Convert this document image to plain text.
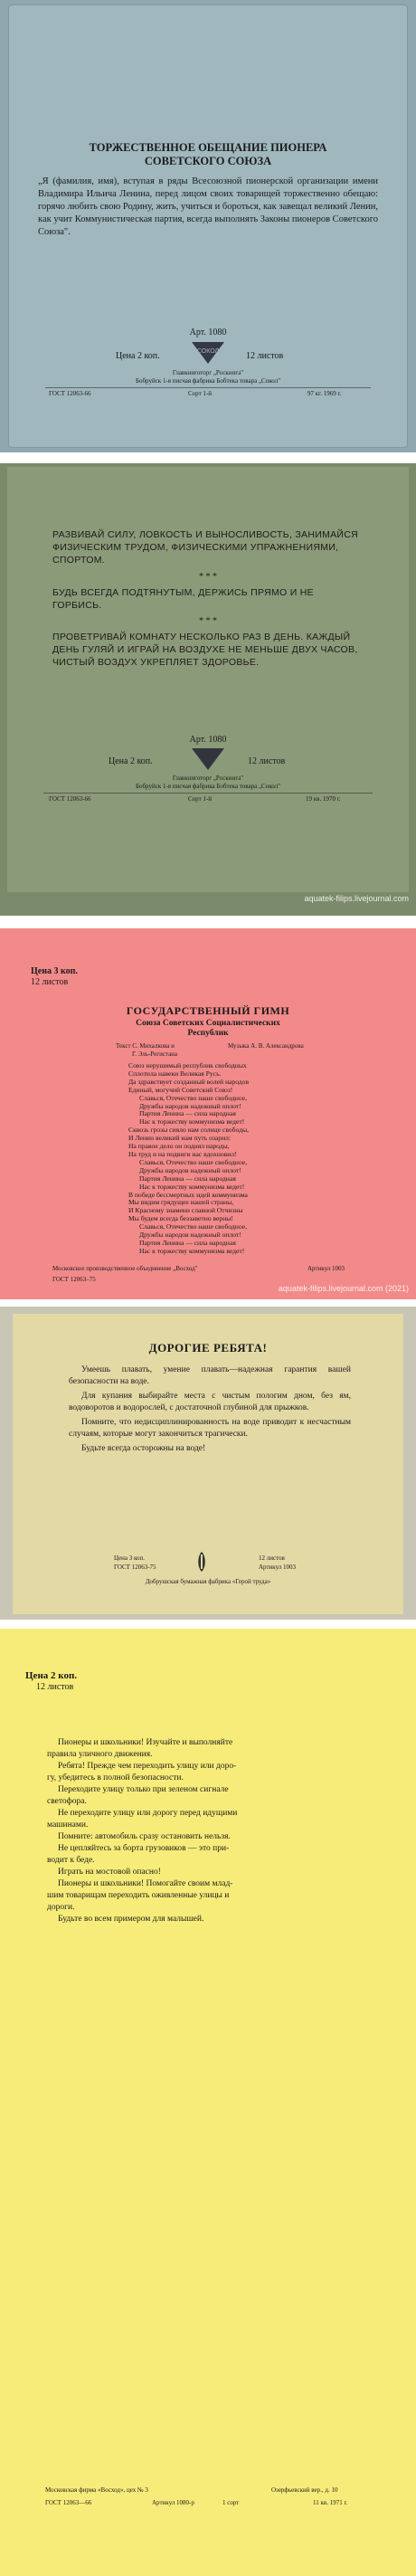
ТОРЖЕСТВЕННОЕ ОБЕЩАНИЕ ПИОНЕРА
СОВЕТСКОГО СОЮЗА
„Я (фамилия, имя), вступая в ряды Всесоюзной пионерской организации имени Владимира Ильича Ленина, перед лицом своих товарищей торжественно обещаю: горячо любить свою Родину, жить, учиться и бороться, как завещал великий Ленин, как учит Коммунистическая партия, всегда выполнять Законы пионеров Советского Союза".
Арт. 1080
СОКОЛ
Цена 2 коп.	12 листов
Главкниготорг „Роскнига"
Бобруйск 1-я писчая фабрика Бобтека товара „Сокол"
ГОСТ 12063-66	Сорт 1-й	97 кг. 1969 г.
РАЗВИВАЙ СИЛУ, ЛОВКОСТЬ И ВЫНОСЛИВОСТЬ, ЗАНИМАЙСЯ ФИЗИЧЕСКИМ ТРУДОМ, ФИЗИЧЕСКИМИ УПРАЖНЕНИЯМИ, СПОРТОМ.
* * *
БУДЬ ВСЕГДА ПОДТЯНУТЫМ, ДЕРЖИСЬ ПРЯМО И НЕ ГОРБИСЬ.
* * *
ПРОВЕТРИВАЙ КОМНАТУ НЕСКОЛЬКО РАЗ В ДЕНЬ. КАЖДЫЙ ДЕНЬ ГУЛЯЙ И ИГРАЙ НА ВОЗДУХЕ НЕ МЕНЬШЕ ДВУХ ЧАСОВ, ЧИСТЫЙ ВОЗДУХ УКРЕПЛЯЕТ ЗДОРОВЬЕ.
Арт. 1080
Цена 2 коп.	12 листов
Главкниготорг „Роскнига"
Бобруйск 1-я писчая фабрика Бобтека товара „Сокол"
ГОСТ 12063-66	Сорт 1-й	19 кв. 1970 г.
aquatek-filips.livejournal.com
Цена 3 коп.
12 листов
ГОСУДАРСТВЕННЫЙ ГИМН
Союза Советских Социалистических
Республик
Текст С. Михалкова и
Г. Эль-Регистана
Музыка А. В. Александрова
Союз нерушимый республик свободных
Сплотила навеки Великая Русь.
Да здравствует созданный волей народов
Единый, могучий Советский Союз!
Славься, Отечество наше свободное,
Дружбы народов надежный оплот!
Партия Ленина — сила народная
Нас к торжеству коммунизма ведет!
Сквозь грозы сияло нам солнце свободы,
И Ленин великий нам путь озарил:
На правое дело он поднял народы,
На труд и на подвиги нас вдохновил!
Славься, Отечество наше свободное,
Дружбы народов надежный оплот!
Партия Ленина — сила народная
Нас к торжеству коммунизма ведет!
В победе бессмертных идей коммунизма
Мы видим грядущее нашей страны,
И Красному знамени славной Отчизны
Мы будем всегда беззаветно верны!
Славься, Отечество наше свободное,
Дружбы народов надежный оплот!
Партия Ленина — сила народная
Нас к торжеству коммунизма ведет!
Московское производственное объединение „Восход"	Артикул 1003
ГОСТ 12063–75
aquatek-filips.livejournal.com (2021)
ДОРОГИЕ РЕБЯТА!
Умеешь плавать, умение плавать—надежная гарантия вашей безопасности на воде.
Для купания выбирайте места с чистым пологим дном, без ям, водоворотов и водорослей, с достаточной глубиной для прыжков.
Помните, что недисциплинированность на воде приводит к несчастным случаям, которые могут закончиться трагически.
Будьте всегда осторожны на воде!
Цена 3 коп.
ГОСТ 12063-75
12 листов
Артикул 1003
Добрушская бумажная фабрика «Герой труда»
Цена 2 коп.
12 листов
Пионеры и школьники! Изучайте и выполняйте
правила уличного движения.
Ребята! Прежде чем переходить улицу или доро-
гу, убедитесь в полной безопасности.
Переходите улицу только при зеленом сигнале
светофора.
Не переходите улицу или дорогу перед идущими
машинами.
Помните: автомобиль сразу остановить нельзя.
Не цепляйтесь за борта грузовиков — это при-
водит к беде.
Играть на мостовой опасно!
Пионеры и школьники! Помогайте своим млад-
шим товарищам переходить оживленные улицы и
дороги.
Будьте во всем примером для малышей.
Московская фирма «Восход», цех № 3	Озерфьевский вер., д. 10
ГОСТ 12063—66	Артикул 1080-р	1 сорт	11 кв. 1971 г.
